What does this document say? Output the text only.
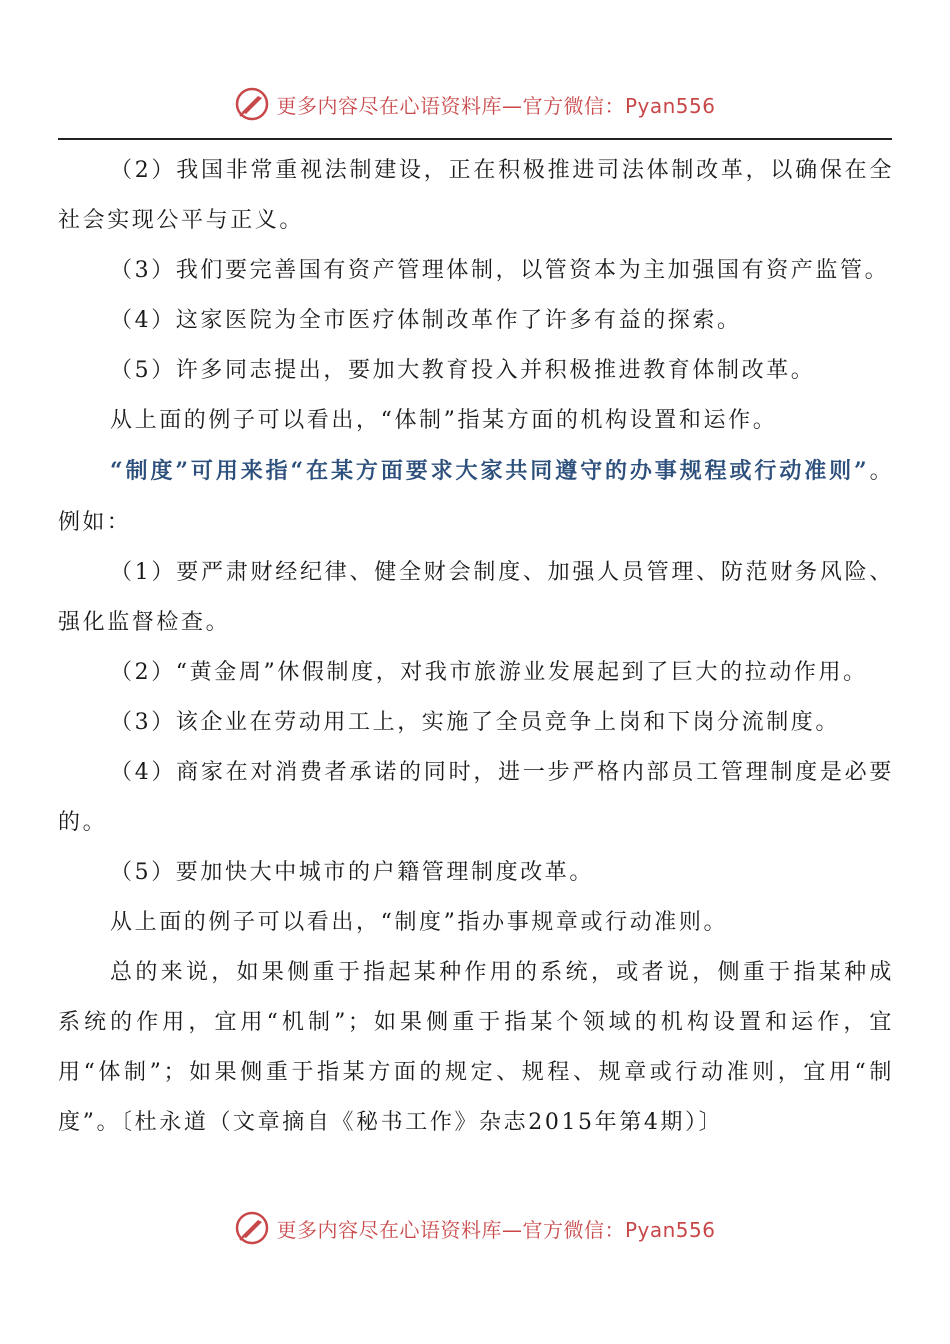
更多内容尽在心语资料库—官方微信：Pyan556

（2）我国非常重视法制建设，正在积极推进司法体制改革，以确保在全社会实现公平与正义。

（3）我们要完善国有资产管理体制，以管资本为主加强国有资产监管。

（4）这家医院为全市医疗体制改革作了许多有益的探索。

（5）许多同志提出，要加大教育投入并积极推进教育体制改革。

从上面的例子可以看出，“体制”指某方面的机构设置和运作。

“制度”可用来指“在某方面要求大家共同遵守的办事规程或行动准则”。例如：

（1）要严肃财经纪律、健全财会制度、加强人员管理、防范财务风险、强化监督检查。

（2）“黄金周”休假制度，对我市旅游业发展起到了巨大的拉动作用。

（3）该企业在劳动用工上，实施了全员竞争上岗和下岗分流制度。

（4）商家在对消费者承诺的同时，进一步严格内部员工管理制度是必要的。

（5）要加快大中城市的户籍管理制度改革。

从上面的例子可以看出，“制度”指办事规章或行动准则。

总的来说，如果侧重于指起某种作用的系统，或者说，侧重于指某种成系统的作用，宜用“机制”；如果侧重于指某个领域的机构设置和运作，宜用“体制”；如果侧重于指某方面的规定、规程、规章或行动准则，宜用“制度”。〔杜永道（文章摘自《秘书工作》杂志2015年第4期）〕

更多内容尽在心语资料库—官方微信：Pyan556
